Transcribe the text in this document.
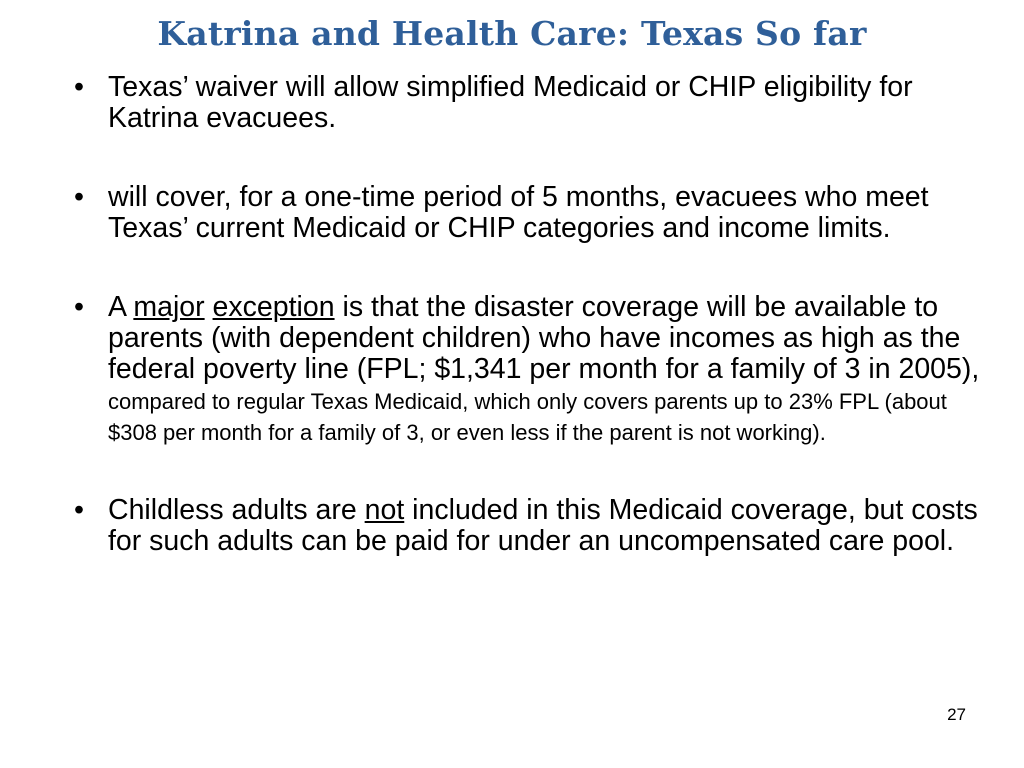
Katrina and Health Care: Texas So far
• Texas’ waiver will allow simplified Medicaid or CHIP eligibility for Katrina evacuees.
• will cover, for a one-time period of 5 months, evacuees who meet Texas’ current Medicaid or CHIP categories and income limits.
• A major exception is that the disaster coverage will be available to parents (with dependent children) who have incomes as high as the federal poverty line (FPL; $1,341 per month for a family of 3 in 2005), compared to regular Texas Medicaid, which only covers parents up to 23% FPL (about $308 per month for a family of 3, or even less if the parent is not working).
• Childless adults are not included in this Medicaid coverage, but costs for such adults can be paid for under an uncompensated care pool.
27
